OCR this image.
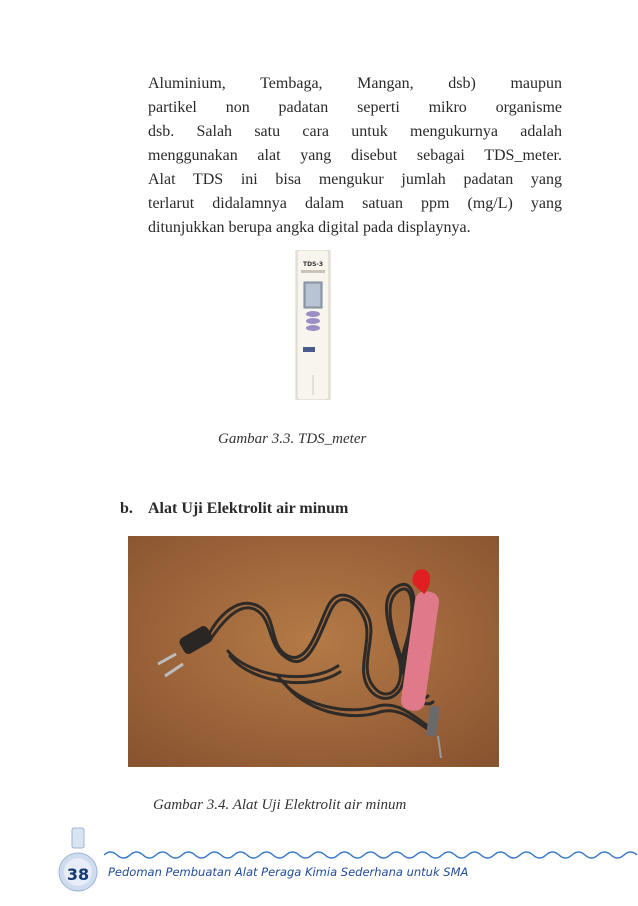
Aluminium, Tembaga, Mangan, dsb) maupun
partikel non padatan seperti mikro organisme
dsb. Salah satu cara untuk mengukurnya adalah
menggunakan alat yang disebut sebagai TDS_meter.
Alat TDS ini bisa mengukur jumlah padatan yang
terlarut didalamnya dalam satuan ppm (mg/L) yang
ditunjukkan berupa angka digital pada displaynya.
TDS-3
Gambar 3.3. TDS_meter
b. Alat Uji Elektrolit air minum
Gambar 3.4. Alat Uji Elektrolit air minum
38 Pedoman Pembuatan Alat Peraga Kimia Sederhana untuk SMA
